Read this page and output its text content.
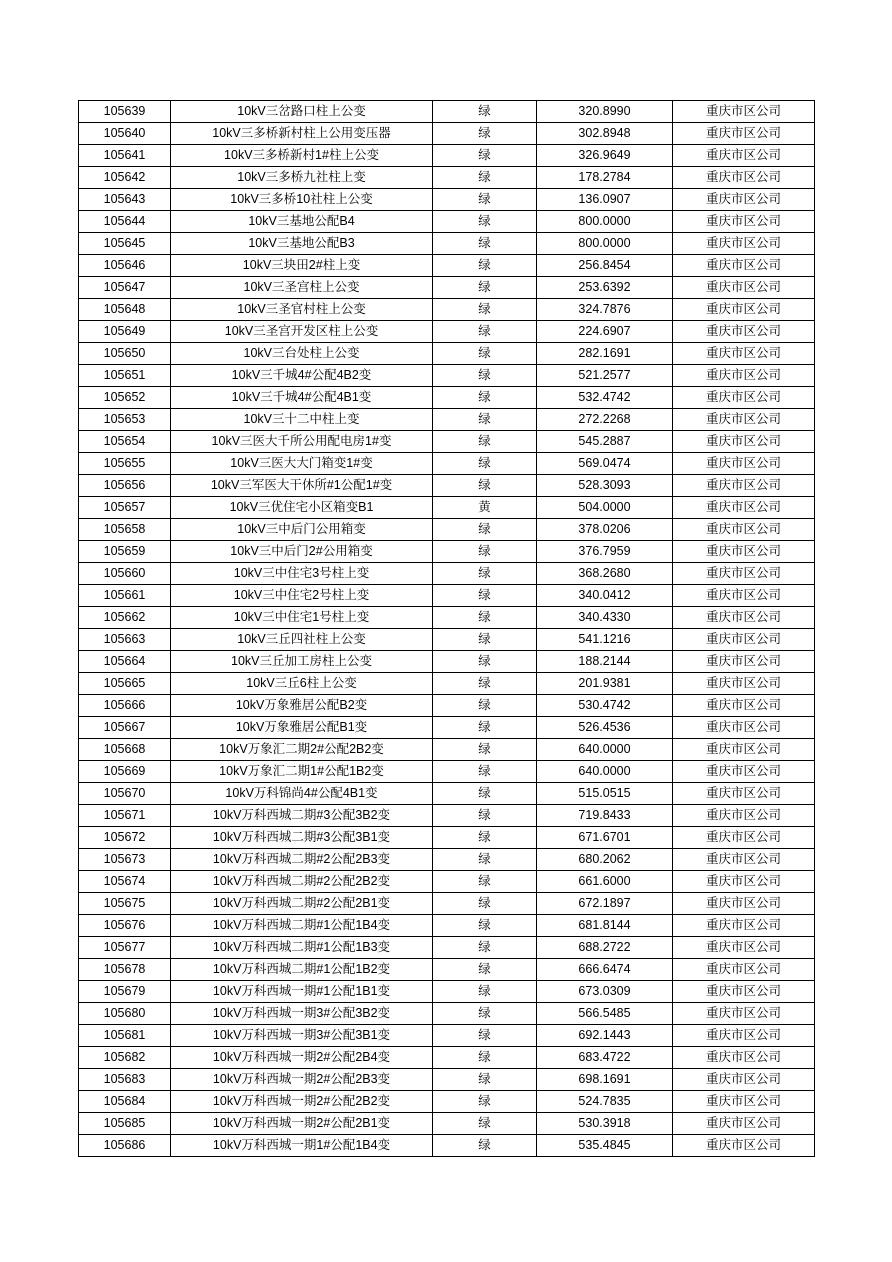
105639	10kV三岔路口柱上公变	绿	320.8990	重庆市区公司
105640	10kV三多桥新村柱上公用变压器	绿	302.8948	重庆市区公司
105641	10kV三多桥新村1#柱上公变	绿	326.9649	重庆市区公司
105642	10kV三多桥九社柱上变	绿	178.2784	重庆市区公司
105643	10kV三多桥10社柱上公变	绿	136.0907	重庆市区公司
105644	10kV三基地公配B4	绿	800.0000	重庆市区公司
105645	10kV三基地公配B3	绿	800.0000	重庆市区公司
105646	10kV三块田2#柱上变	绿	256.8454	重庆市区公司
105647	10kV三圣宫柱上公变	绿	253.6392	重庆市区公司
105648	10kV三圣官村柱上公变	绿	324.7876	重庆市区公司
105649	10kV三圣宫开发区柱上公变	绿	224.6907	重庆市区公司
105650	10kV三台处柱上公变	绿	282.1691	重庆市区公司
105651	10kV三千城4#公配4B2变	绿	521.2577	重庆市区公司
105652	10kV三千城4#公配4B1变	绿	532.4742	重庆市区公司
105653	10kV三十二中柱上变	绿	272.2268	重庆市区公司
105654	10kV三医大千所公用配电房1#变	绿	545.2887	重庆市区公司
105655	10kV三医大大门箱变1#变	绿	569.0474	重庆市区公司
105656	10kV三军医大干休所#1公配1#变	绿	528.3093	重庆市区公司
105657	10kV三优住宅小区箱变B1	黄	504.0000	重庆市区公司
105658	10kV三中后门公用箱变	绿	378.0206	重庆市区公司
105659	10kV三中后门2#公用箱变	绿	376.7959	重庆市区公司
105660	10kV三中住宅3号柱上变	绿	368.2680	重庆市区公司
105661	10kV三中住宅2号柱上变	绿	340.0412	重庆市区公司
105662	10kV三中住宅1号柱上变	绿	340.4330	重庆市区公司
105663	10kV三丘四社柱上公变	绿	541.1216	重庆市区公司
105664	10kV三丘加工房柱上公变	绿	188.2144	重庆市区公司
105665	10kV三丘6柱上公变	绿	201.9381	重庆市区公司
105666	10kV万象雅居公配B2变	绿	530.4742	重庆市区公司
105667	10kV万象雅居公配B1变	绿	526.4536	重庆市区公司
105668	10kV万象汇二期2#公配2B2变	绿	640.0000	重庆市区公司
105669	10kV万象汇二期1#公配1B2变	绿	640.0000	重庆市区公司
105670	10kV万科锦尚4#公配4B1变	绿	515.0515	重庆市区公司
105671	10kV万科西城二期#3公配3B2变	绿	719.8433	重庆市区公司
105672	10kV万科西城二期#3公配3B1变	绿	671.6701	重庆市区公司
105673	10kV万科西城二期#2公配2B3变	绿	680.2062	重庆市区公司
105674	10kV万科西城二期#2公配2B2变	绿	661.6000	重庆市区公司
105675	10kV万科西城二期#2公配2B1变	绿	672.1897	重庆市区公司
105676	10kV万科西城二期#1公配1B4变	绿	681.8144	重庆市区公司
105677	10kV万科西城二期#1公配1B3变	绿	688.2722	重庆市区公司
105678	10kV万科西城二期#1公配1B2变	绿	666.6474	重庆市区公司
105679	10kV万科西城一期#1公配1B1变	绿	673.0309	重庆市区公司
105680	10kV万科西城一期3#公配3B2变	绿	566.5485	重庆市区公司
105681	10kV万科西城一期3#公配3B1变	绿	692.1443	重庆市区公司
105682	10kV万科西城一期2#公配2B4变	绿	683.4722	重庆市区公司
105683	10kV万科西城一期2#公配2B3变	绿	698.1691	重庆市区公司
105684	10kV万科西城一期2#公配2B2变	绿	524.7835	重庆市区公司
105685	10kV万科西城一期2#公配2B1变	绿	530.3918	重庆市区公司
105686	10kV万科西城一期1#公配1B4变	绿	535.4845	重庆市区公司
